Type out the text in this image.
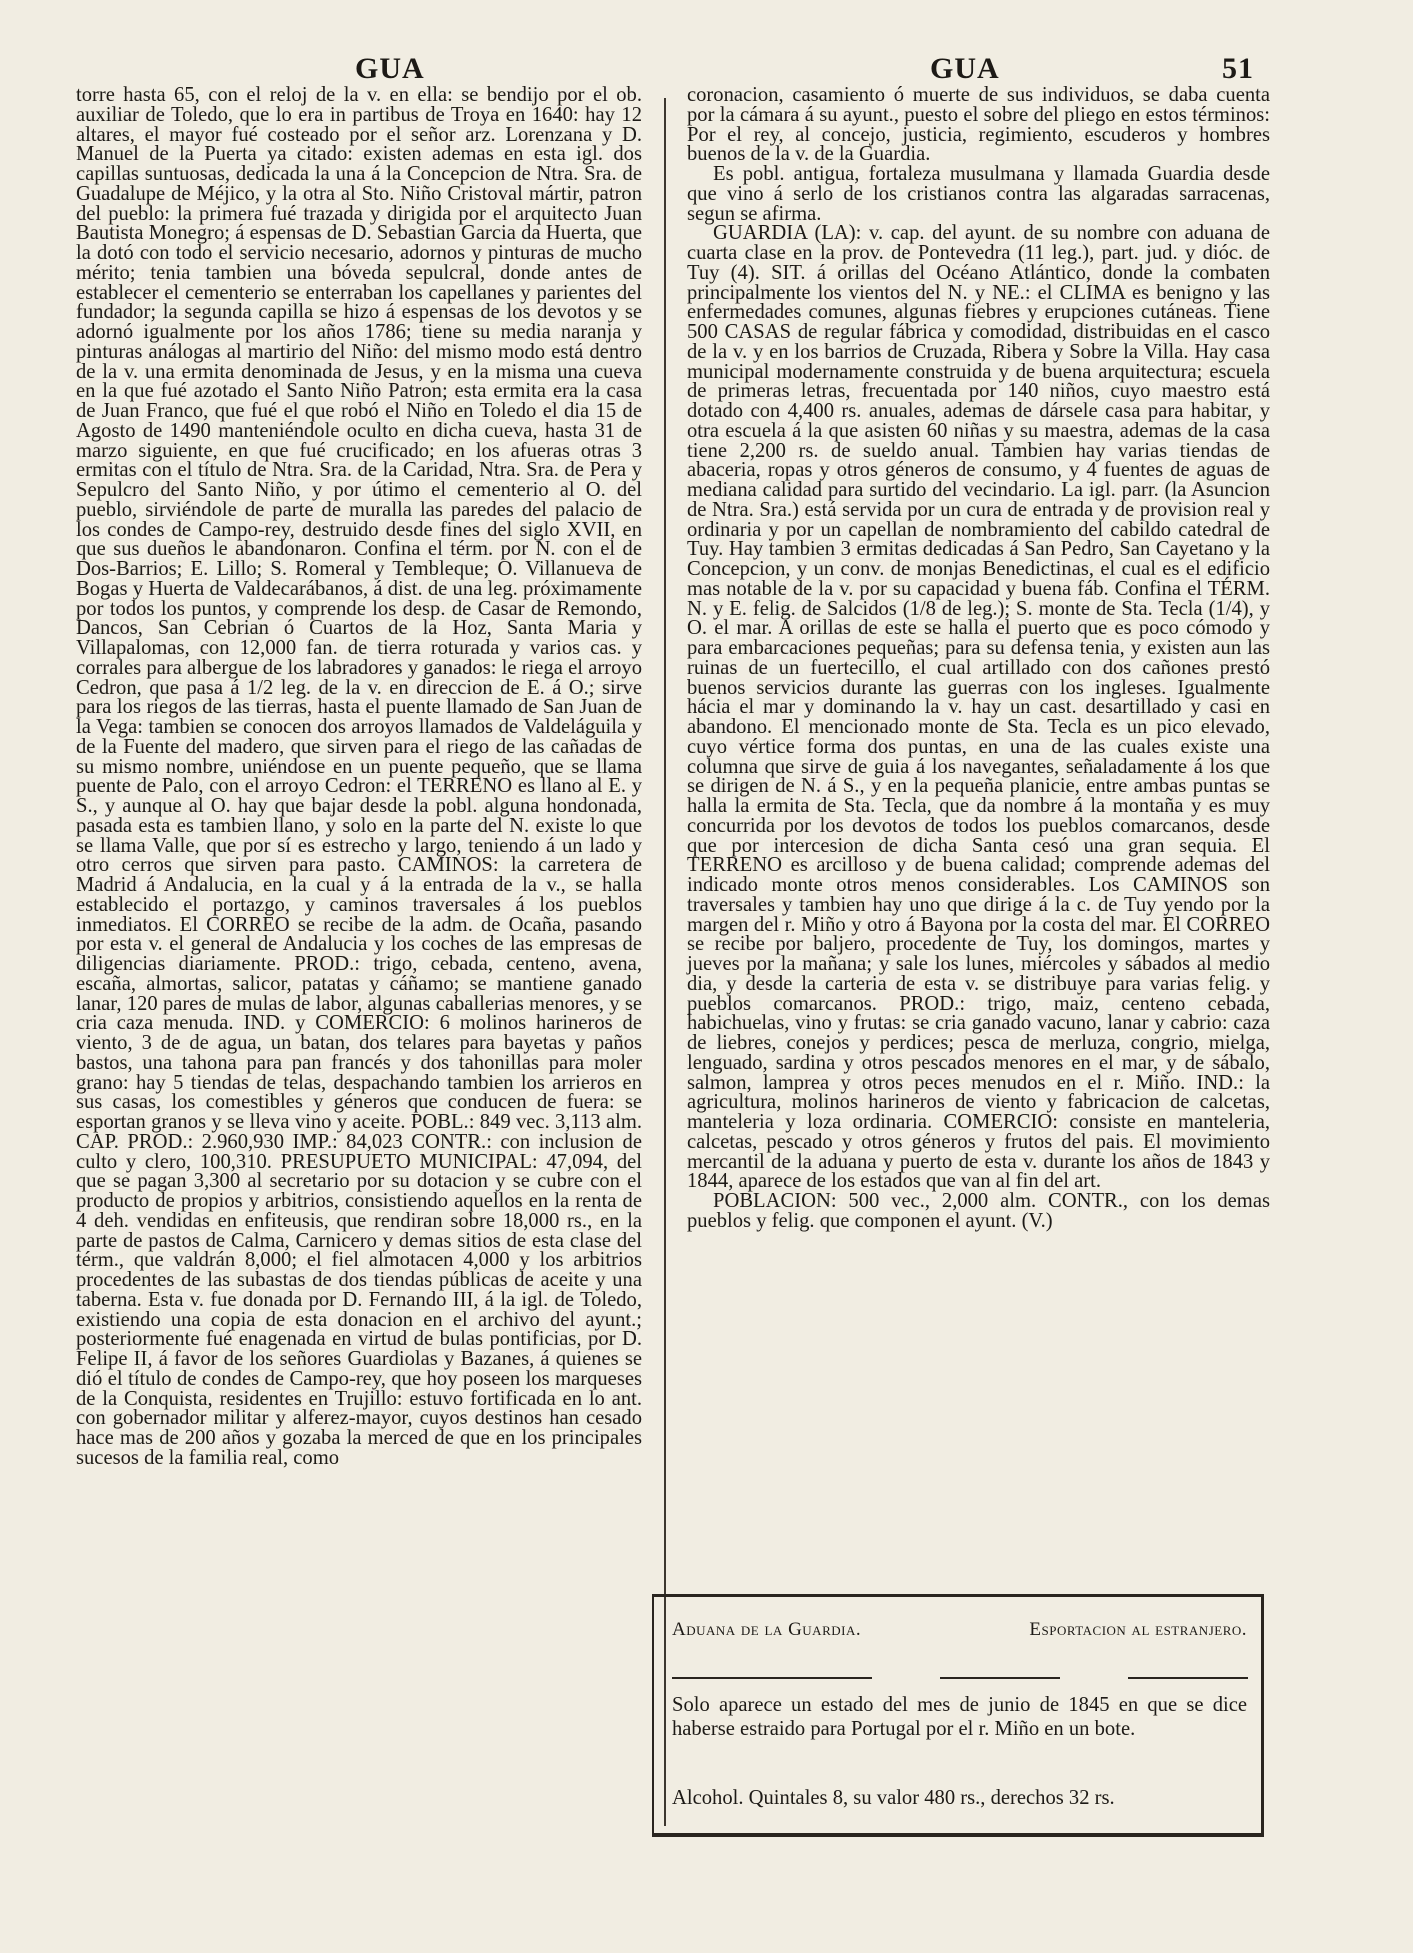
GUA	GUA	51

torre hasta 65, con el reloj de la v. en ella: se bendijo por el ob. auxiliar de Toledo, que lo era in partibus de Troya en 1640: hay 12 altares, el mayor fué costeado por el señor arz. Lorenzana y D. Manuel de la Puerta ya citado: existen ademas en esta igl. dos capillas suntuosas, dedicada la una á la Concepcion de Ntra. Sra. de Guadalupe de Méjico, y la otra al Sto. Niño Cristoval mártir, patron del pueblo: la primera fué trazada y dirigida por el arquitecto Juan Bautista Monegro; á espensas de D. Sebastian Garcia da Huerta, que la dotó con todo el servicio necesario, adornos y pinturas de mucho mérito; tenia tambien una bóveda sepulcral, donde antes de establecer el cementerio se enterraban los capellanes y parientes del fundador; la segunda capilla se hizo á espensas de los devotos y se adornó igualmente por los años 1786; tiene su media naranja y pinturas análogas al martirio del Niño: del mismo modo está dentro de la v. una ermita denominada de Jesus, y en la misma una cueva en la que fué azotado el Santo Niño Patron; esta ermita era la casa de Juan Franco, que fué el que robó el Niño en Toledo el dia 15 de Agosto de 1490 manteniéndole oculto en dicha cueva, hasta 31 de marzo siguiente, en que fué crucificado; en los afueras otras 3 ermitas con el título de Ntra. Sra. de la Caridad, Ntra. Sra. de Pera y Sepulcro del Santo Niño, y por útimo el cementerio al O. del pueblo, sirviéndole de parte de muralla las paredes del palacio de los condes de Campo-rey, destruido desde fines del siglo XVII, en que sus dueños le abandonaron. Confina el térm. por N. con el de Dos-Barrios; E. Lillo; S. Romeral y Tembleque; O. Villanueva de Bogas y Huerta de Valdecarábanos, á dist. de una leg. próximamente por todos los puntos, y comprende los desp. de Casar de Remondo, Dancos, San Cebrian ó Cuartos de la Hoz, Santa Maria y Villapalomas, con 12,000 fan. de tierra roturada y varios cas. y corrales para albergue de los labradores y ganados: le riega el arroyo Cedron, que pasa á 1/2 leg. de la v. en direccion de E. á O.; sirve para los riegos de las tierras, hasta el puente llamado de San Juan de la Vega: tambien se conocen dos arroyos llamados de Valdeláguila y de la Fuente del madero, que sirven para el riego de las cañadas de su mismo nombre, uniéndose en un puente pequeño, que se llama puente de Palo, con el arroyo Cedron: el TERRENO es llano al E. y S., y aunque al O. hay que bajar desde la pobl. alguna hondonada, pasada esta es tambien llano, y solo en la parte del N. existe lo que se llama Valle, que por sí es estrecho y largo, teniendo á un lado y otro cerros que sirven para pasto. CAMINOS: la carretera de Madrid á Andalucia, en la cual y á la entrada de la v., se halla establecido el portazgo, y caminos traversales á los pueblos inmediatos. El CORREO se recibe de la adm. de Ocaña, pasando por esta v. el general de Andalucia y los coches de las empresas de diligencias diariamente. PROD.: trigo, cebada, centeno, avena, escaña, almortas, salicor, patatas y cáñamo; se mantiene ganado lanar, 120 pares de mulas de labor, algunas caballerias menores, y se cria caza menuda. IND. y COMERCIO: 6 molinos harineros de viento, 3 de de agua, un batan, dos telares para bayetas y paños bastos, una tahona para pan francés y dos tahonillas para moler grano: hay 5 tiendas de telas, despachando tambien los arrieros en sus casas, los comestibles y géneros que conducen de fuera: se esportan granos y se lleva vino y aceite. POBL.: 849 vec. 3,113 alm. CAP. PROD.: 2.960,930 IMP.: 84,023 CONTR.: con inclusion de culto y clero, 100,310. PRESUPUETO MUNICIPAL: 47,094, del que se pagan 3,300 al secretario por su dotacion y se cubre con el producto de propios y arbitrios, consistiendo aquellos en la renta de 4 deh. vendidas en enfiteusis, que rendiran sobre 18,000 rs., en la parte de pastos de Calma, Carnicero y demas sitios de esta clase del térm., que valdrán 8,000; el fiel almotacen 4,000 y los arbitrios procedentes de las subastas de dos tiendas públicas de aceite y una taberna. Esta v. fue donada por D. Fernando III, á la igl. de Toledo, existiendo una copia de esta donacion en el archivo del ayunt.; posteriormente fué enagenada en virtud de bulas pontificias, por D. Felipe II, á favor de los señores Guardiolas y Bazanes, á quienes se dió el título de condes de Campo-rey, que hoy poseen los marqueses de la Conquista, residentes en Trujillo: estuvo fortificada en lo ant. con gobernador militar y alferez-mayor, cuyos destinos han cesado hace mas de 200 años y gozaba la merced de que en los principales sucesos de la familia real, como

coronacion, casamiento ó muerte de sus individuos, se daba cuenta por la cámara á su ayunt., puesto el sobre del pliego en estos términos: Por el rey, al concejo, justicia, regimiento, escuderos y hombres buenos de la v. de la Guardia.

Es pobl. antigua, fortaleza musulmana y llamada Guardia desde que vino á serlo de los cristianos contra las algaradas sarracenas, segun se afirma.

GUARDIA (LA): v. cap. del ayunt. de su nombre con aduana de cuarta clase en la prov. de Pontevedra (11 leg.), part. jud. y dióc. de Tuy (4). SIT. á orillas del Océano Atlántico, donde la combaten principalmente los vientos del N. y NE.: el CLIMA es benigno y las enfermedades comunes, algunas fiebres y erupciones cutáneas. Tiene 500 CASAS de regular fábrica y comodidad, distribuidas en el casco de la v. y en los barrios de Cruzada, Ribera y Sobre la Villa. Hay casa municipal modernamente construida y de buena arquitectura; escuela de primeras letras, frecuentada por 140 niños, cuyo maestro está dotado con 4,400 rs. anuales, ademas de dársele casa para habitar, y otra escuela á la que asisten 60 niñas y su maestra, ademas de la casa tiene 2,200 rs. de sueldo anual. Tambien hay varias tiendas de abaceria, ropas y otros géneros de consumo, y 4 fuentes de aguas de mediana calidad para surtido del vecindario. La igl. parr. (la Asuncion de Ntra. Sra.) está servida por un cura de entrada y de provision real y ordinaria y por un capellan de nombramiento del cabildo catedral de Tuy. Hay tambien 3 ermitas dedicadas á San Pedro, San Cayetano y la Concepcion, y un conv. de monjas Benedictinas, el cual es el edificio mas notable de la v. por su capacidad y buena fáb. Confina el TÉRM. N. y E. felig. de Salcidos (1/8 de leg.); S. monte de Sta. Tecla (1/4), y O. el mar. A orillas de este se halla el puerto que es poco cómodo y para embarcaciones pequeñas; para su defensa tenia, y existen aun las ruinas de un fuertecillo, el cual artillado con dos cañones prestó buenos servicios durante las guerras con los ingleses. Igualmente hácia el mar y dominando la v. hay un cast. desartillado y casi en abandono. El mencionado monte de Sta. Tecla es un pico elevado, cuyo vértice forma dos puntas, en una de las cuales existe una columna que sirve de guia á los navegantes, señaladamente á los que se dirigen de N. á S., y en la pequeña planicie, entre ambas puntas se halla la ermita de Sta. Tecla, que da nombre á la montaña y es muy concurrida por los devotos de todos los pueblos comarcanos, desde que por intercesion de dicha Santa cesó una gran sequia. El TERRENO es arcilloso y de buena calidad; comprende ademas del indicado monte otros menos considerables. Los CAMINOS son traversales y tambien hay uno que dirige á la c. de Tuy yendo por la margen del r. Miño y otro á Bayona por la costa del mar. El CORREO se recibe por baljero, procedente de Tuy, los domingos, martes y jueves por la mañana; y sale los lunes, miércoles y sábados al medio dia, y desde la carteria de esta v. se distribuye para varias felig. y pueblos comarcanos. PROD.: trigo, maiz, centeno cebada, habichuelas, vino y frutas: se cria ganado vacuno, lanar y cabrio: caza de liebres, conejos y perdices; pesca de merluza, congrio, mielga, lenguado, sardina y otros pescados menores en el mar, y de sábalo, salmon, lamprea y otros peces menudos en el r. Miño. IND.: la agricultura, molinos harineros de viento y fabricacion de calcetas, manteleria y loza ordinaria. COMERCIO: consiste en manteleria, calcetas, pescado y otros géneros y frutos del pais. El movimiento mercantil de la aduana y puerto de esta v. durante los años de 1843 y 1844, aparece de los estados que van al fin del art.

POBLACION: 500 vec., 2,000 alm. CONTR., con los demas pueblos y felig. que componen el ayunt. (V.)

Aduana de la Guardia.	Esportacion al estranjero.

Solo aparece un estado del mes de junio de 1845 en que se dice haberse estraido para Portugal por el r. Miño en un bote.

Alcohol. Quintales 8, su valor 480 rs., derechos 32 rs.
